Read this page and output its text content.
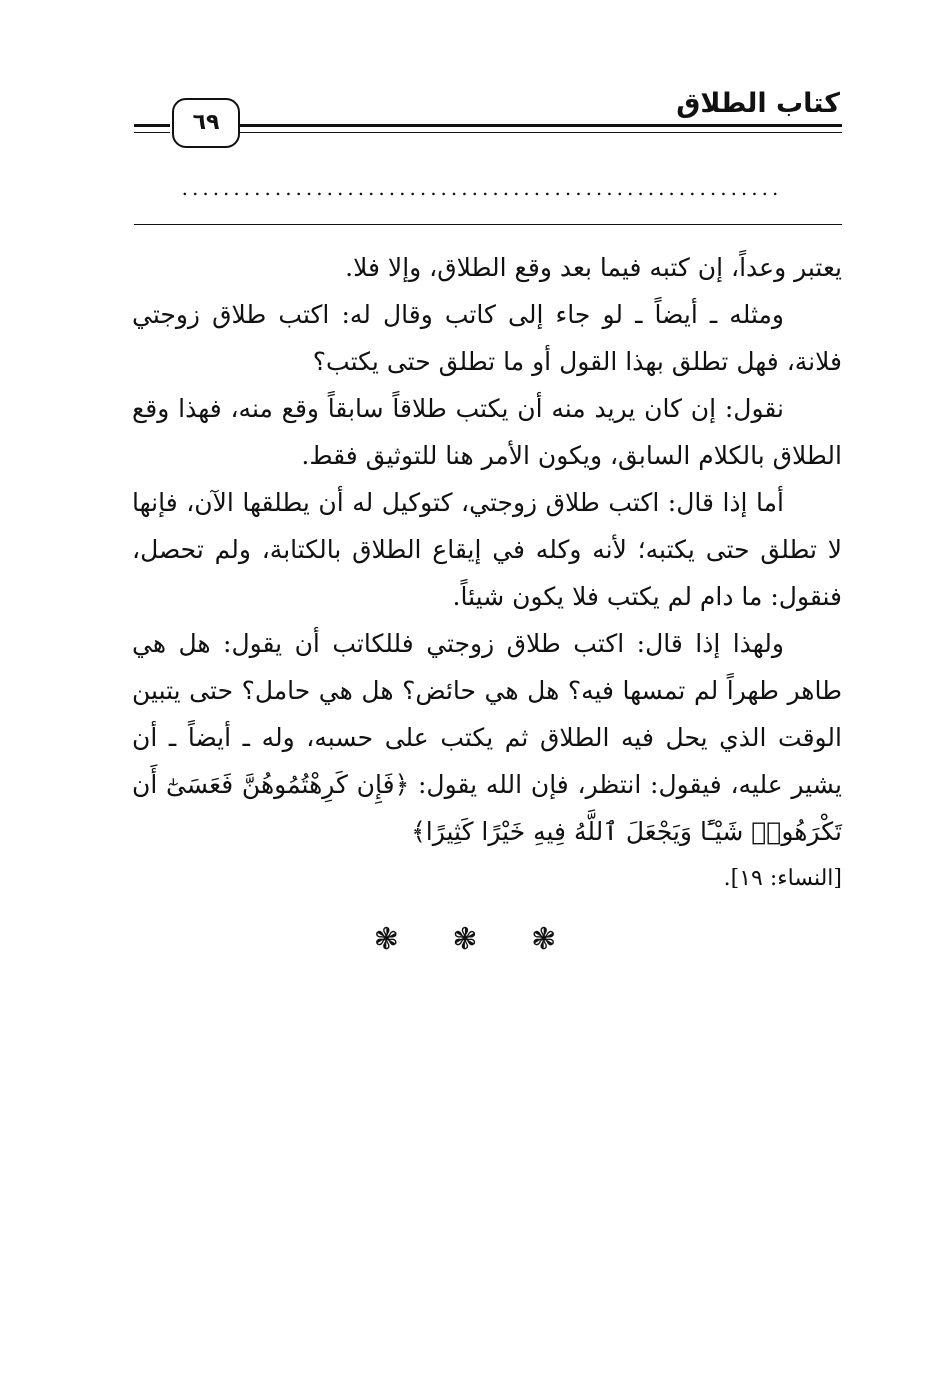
كتاب الطلاق
٦٩
..........................................................

يعتبر وعداً، إن كتبه فيما بعد وقع الطلاق، وإلا فلا.

ومثله ـ أيضاً ـ لو جاء إلى كاتب وقال له: اكتب طلاق زوجتي فلانة، فهل تطلق بهذا القول أو ما تطلق حتى يكتب؟

نقول: إن كان يريد منه أن يكتب طلاقاً سابقاً وقع منه، فهذا وقع الطلاق بالكلام السابق، ويكون الأمر هنا للتوثيق فقط.

أما إذا قال: اكتب طلاق زوجتي، كتوكيل له أن يطلقها الآن، فإنها لا تطلق حتى يكتبه؛ لأنه وكله في إيقاع الطلاق بالكتابة، ولم تحصل، فنقول: ما دام لم يكتب فلا يكون شيئاً.

ولهذا إذا قال: اكتب طلاق زوجتي فللكاتب أن يقول: هل هي طاهر طهراً لم تمسها فيه؟ هل هي حائض؟ هل هي حامل؟ حتى يتبين الوقت الذي يحل فيه الطلاق ثم يكتب على حسبه، وله ـ أيضاً ـ أن يشير عليه، فيقول: انتظر، فإن الله يقول: ﴿فَإِن كَرِهْتُمُوهُنَّ فَعَسَىٰٓ أَن تَكْرَهُوا۟ شَيْـًٔا وَيَجْعَلَ ٱللَّهُ فِيهِ خَيْرًا كَثِيرًا﴾

[النساء: ١٩].

❃ ❃ ❃
